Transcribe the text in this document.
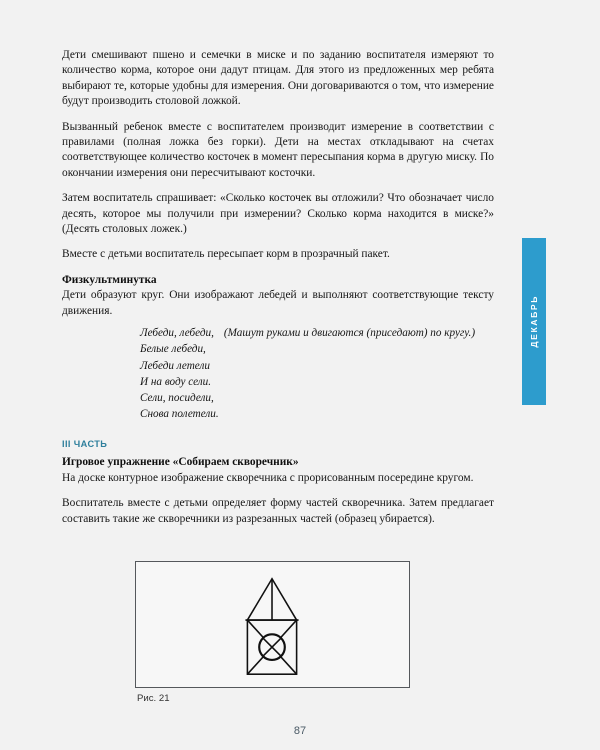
Дети смешивают пшено и семечки в миске и по заданию воспитателя измеряют то количество корма, которое они дадут птицам. Для этого из предложенных мер ребята выбирают те, которые удобны для измерения. Они договариваются о том, что измерение будут производить столовой ложкой.

Вызванный ребенок вместе с воспитателем производит измерение в соответствии с правилами (полная ложка без горки). Дети на местах откладывают на счетах соответствующее количество косточек в момент пересыпания корма в другую миску. По окончании измерения они пересчитывают косточки.

Затем воспитатель спрашивает: «Сколько косточек вы отложили? Что обозначает число десять, которое мы получили при измерении? Сколько корма находится в миске?» (Десять столовых ложек.)

Вместе с детьми воспитатель пересыпает корм в прозрачный пакет.

Физкультминутка

Дети образуют круг. Они изображают лебедей и выполняют соответствующие тексту движения.

Лебеди, лебеди, (Машут руками и двигаются (приседают) по кругу.)
Белые лебеди,
Лебеди летели
И на воду сели.
Сели, посидели,
Снова полетели.
III ЧАСТЬ
Игровое упражнение «Собираем скворечник»

На доске контурное изображение скворечника с прорисованным посередине кругом.

Воспитатель вместе с детьми определяет форму частей скворечника. Затем предлагает составить такие же скворечники из разрезанных частей (образец убирается).

ДЕКАБРЬ
Рис. 21
87
